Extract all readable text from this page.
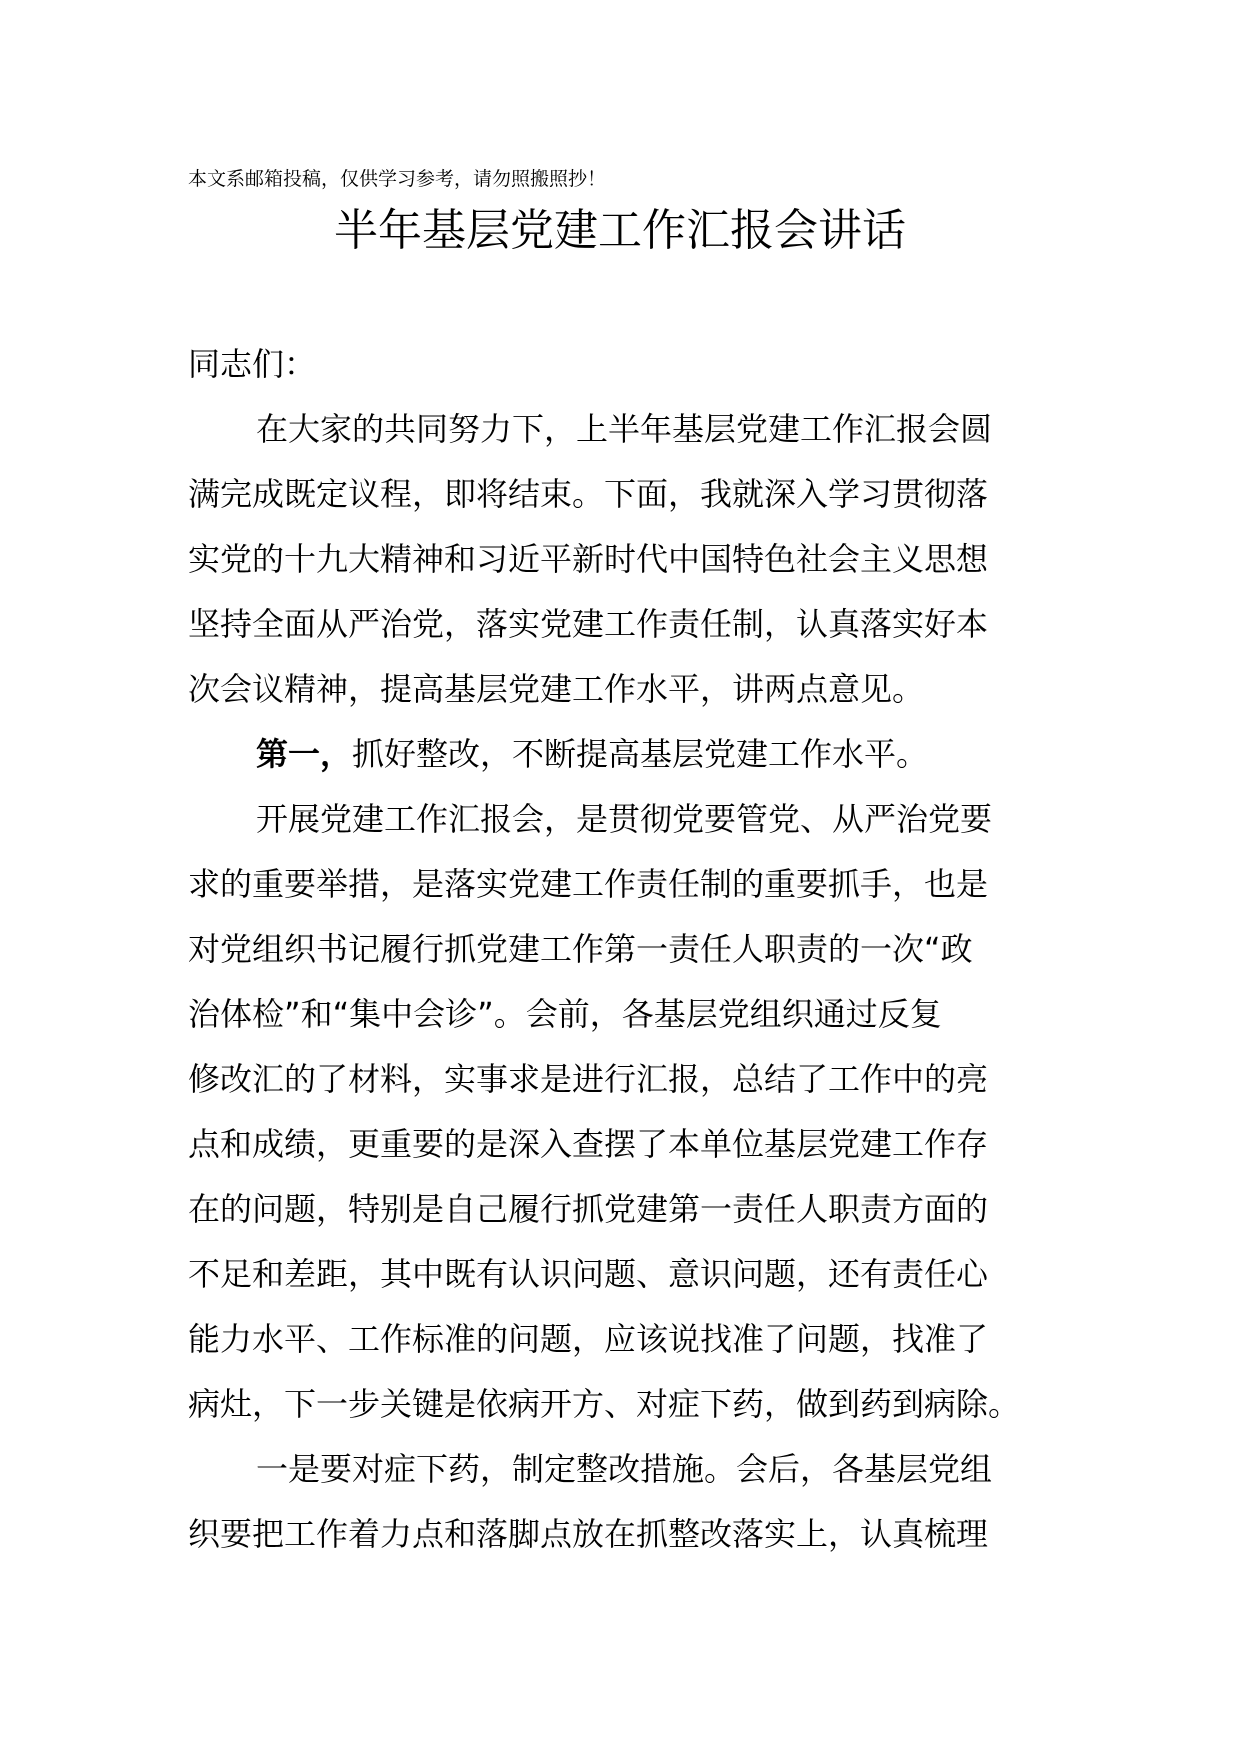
本文系邮箱投稿，仅供学习参考，请勿照搬照抄！
半年基层党建工作汇报会讲话
同志们：
在大家的共同努力下，上半年基层党建工作汇报会圆
满完成既定议程，即将结束。下面，我就深入学习贯彻落
实党的十九大精神和习近平新时代中国特色社会主义思想
坚持全面从严治党，落实党建工作责任制，认真落实好本
次会议精神，提高基层党建工作水平，讲两点意见。
第一，抓好整改，不断提高基层党建工作水平。
开展党建工作汇报会，是贯彻党要管党、从严治党要
求的重要举措，是落实党建工作责任制的重要抓手，也是
对党组织书记履行抓党建工作第一责任人职责的一次“政
治体检”和“集中会诊”。会前，各基层党组织通过反复
修改汇的了材料，实事求是进行汇报，总结了工作中的亮
点和成绩，更重要的是深入查摆了本单位基层党建工作存
在的问题，特别是自己履行抓党建第一责任人职责方面的
不足和差距，其中既有认识问题、意识问题，还有责任心
能力水平、工作标准的问题，应该说找准了问题，找准了
病灶，下一步关键是依病开方、对症下药，做到药到病除。
一是要对症下药，制定整改措施。会后，各基层党组
织要把工作着力点和落脚点放在抓整改落实上，认真梳理
